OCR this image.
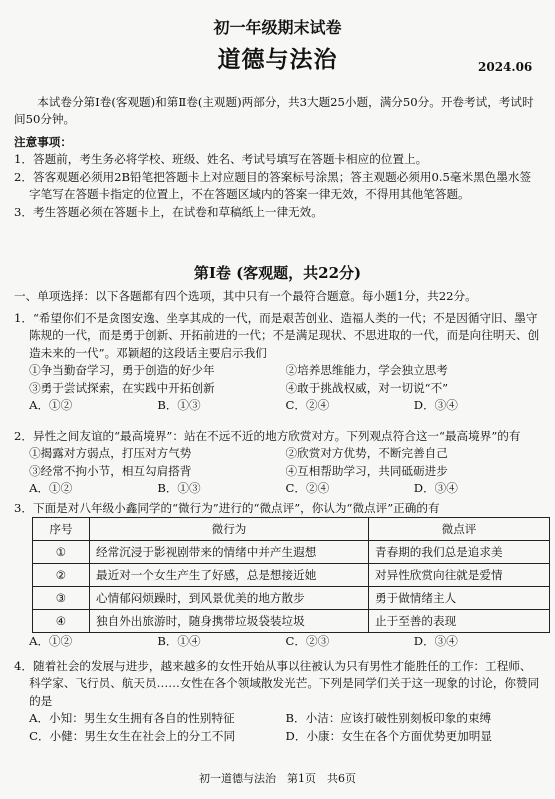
初一年级期末试卷
道德与法治	2024.06
本试卷分第Ⅰ卷(客观题)和第Ⅱ卷(主观题)两部分，共3大题25小题，满分50分。开卷考试，考试时间50分钟。
注意事项：
1．答题前，考生务必将学校、班级、姓名、考试号填写在答题卡相应的位置上。
2．答客观题必须用2B铅笔把答题卡上对应题目的答案标号涂黑；答主观题必须用0.5毫米黑色墨水签字笔写在答题卡指定的位置上，不在答题区域内的答案一律无效，不得用其他笔答题。
3．考生答题必须在答题卡上，在试卷和草稿纸上一律无效。
第Ⅰ卷 (客观题，共22分)
一、单项选择：以下各题都有四个选项，其中只有一个最符合题意。每小题1分，共22分。
1．“希望你们不是贪图安逸、坐享其成的一代，而是艰苦创业、造福人类的一代；不是因循守旧、墨守陈规的一代，而是勇于创新、开拓前进的一代；不是满足现状、不思进取的一代，而是向往明天、创造未来的一代”。邓颖超的这段话主要启示我们
①争当勤奋学习，勇于创造的好少年	②培养思维能力，学会独立思考
③勇于尝试探索，在实践中开拓创新	④敢于挑战权威，对一切说“不”
A．①②	B．①③	C．②④	D．③④
2．异性之间友谊的“最高境界”：站在不远不近的地方欣赏对方。下列观点符合这一“最高境界”的有
①揭露对方弱点，打压对方气势	②欣赏对方优势，不断完善自己
③经常不拘小节，相互勾肩搭背	④互相帮助学习，共同砥砺进步
A．①②	B．①③	C．②④	D．③④
3．下面是对八年级小鑫同学的“微行为”进行的“微点评”，你认为“微点评”正确的有
序号	微行为	微点评
①	经常沉浸于影视剧带来的情绪中并产生遐想	青春期的我们总是追求美
②	最近对一个女生产生了好感，总是想接近她	对异性欣赏向往就是爱情
③	心情郁闷烦躁时，到风景优美的地方散步	勇于做情绪主人
④	独自外出旅游时，随身携带垃圾袋装垃圾	止于至善的表现
A．①②	B．①④	C．②③	D．③④
4．随着社会的发展与进步，越来越多的女性开始从事以往被认为只有男性才能胜任的工作：工程师、科学家、飞行员、航天员……女性在各个领域散发光芒。下列是同学们关于这一现象的讨论，你赞同的是
A．小知：男生女生拥有各自的性别特征	B．小洁：应该打破性别刻板印象的束缚
C．小健：男生女生在社会上的分工不同	D．小康：女生在各个方面优势更加明显
初一道德与法治　第1页　共6页
